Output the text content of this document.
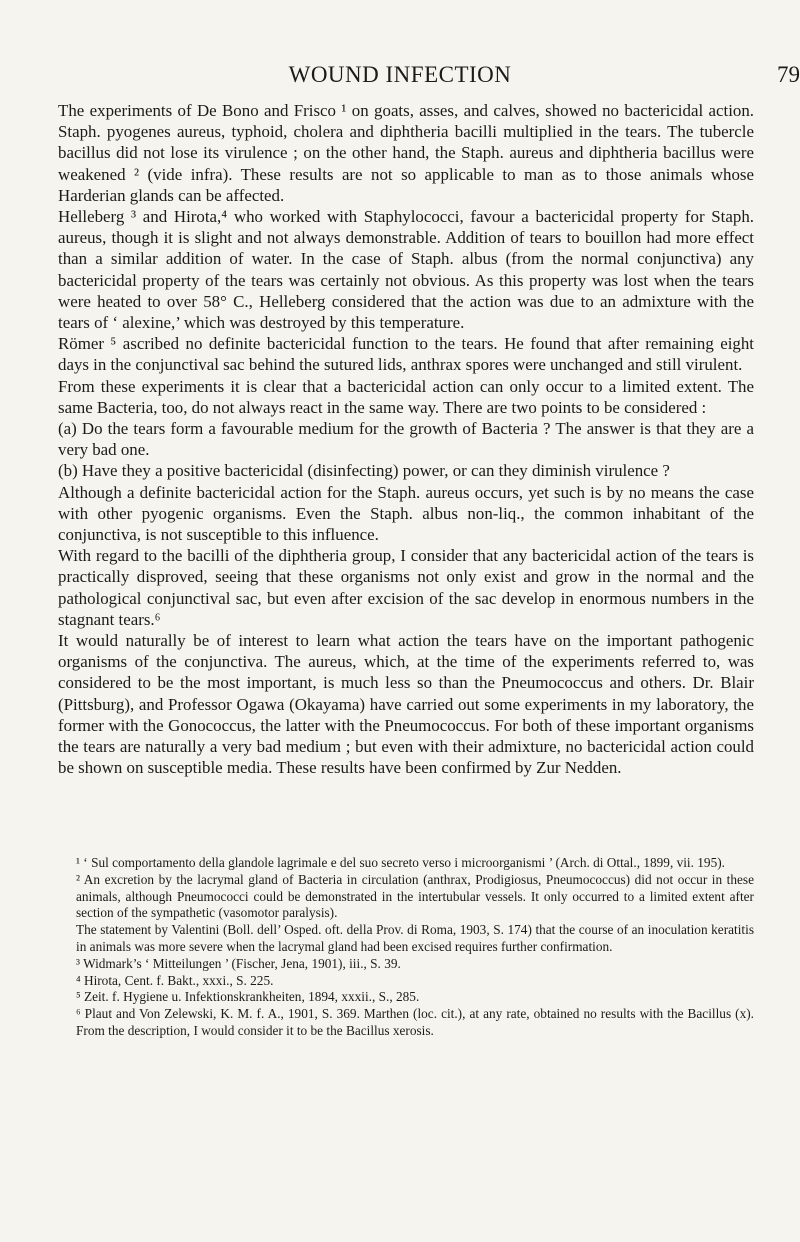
WOUND INFECTION	79

The experiments of De Bono and Frisco ¹ on goats, asses, and calves, showed no bactericidal action. Staph. pyogenes aureus, typhoid, cholera and diphtheria bacilli multiplied in the tears. The tubercle bacillus did not lose its virulence ; on the other hand, the Staph. aureus and diphtheria bacillus were weakened ² (vide infra). These results are not so applicable to man as to those animals whose Harderian glands can be affected.

Helleberg ³ and Hirota,⁴ who worked with Staphylococci, favour a bactericidal property for Staph. aureus, though it is slight and not always demonstrable. Addition of tears to bouillon had more effect than a similar addition of water. In the case of Staph. albus (from the normal conjunctiva) any bactericidal property of the tears was certainly not obvious. As this property was lost when the tears were heated to over 58° C., Helleberg considered that the action was due to an admixture with the tears of ‘ alexine,’ which was destroyed by this temperature.

Römer ⁵ ascribed no definite bactericidal function to the tears. He found that after remaining eight days in the conjunctival sac behind the sutured lids, anthrax spores were unchanged and still virulent.

From these experiments it is clear that a bactericidal action can only occur to a limited extent. The same Bacteria, too, do not always react in the same way. There are two points to be considered :

(a) Do the tears form a favourable medium for the growth of Bacteria ? The answer is that they are a very bad one.

(b) Have they a positive bactericidal (disinfecting) power, or can they diminish virulence ?

Although a definite bactericidal action for the Staph. aureus occurs, yet such is by no means the case with other pyogenic organisms. Even the Staph. albus non-liq., the common inhabitant of the conjunctiva, is not susceptible to this influence.

With regard to the bacilli of the diphtheria group, I consider that any bactericidal action of the tears is practically disproved, seeing that these organisms not only exist and grow in the normal and the pathological conjunctival sac, but even after excision of the sac develop in enormous numbers in the stagnant tears.⁶

It would naturally be of interest to learn what action the tears have on the important pathogenic organisms of the conjunctiva. The aureus, which, at the time of the experiments referred to, was considered to be the most important, is much less so than the Pneumococcus and others. Dr. Blair (Pittsburg), and Professor Ogawa (Okayama) have carried out some experiments in my laboratory, the former with the Gonococcus, the latter with the Pneumococcus. For both of these important organisms the tears are naturally a very bad medium ; but even with their admixture, no bactericidal action could be shown on susceptible media. These results have been confirmed by Zur Nedden.

¹ ‘ Sul comportamento della glandole lagrimale e del suo secreto verso i microorganismi ’ (Arch. di Ottal., 1899, vii. 195).

² An excretion by the lacrymal gland of Bacteria in circulation (anthrax, Prodigiosus, Pneumococcus) did not occur in these animals, although Pneumococci could be demonstrated in the intertubular vessels. It only occurred to a limited extent after section of the sympathetic (vasomotor paralysis).

The statement by Valentini (Boll. dell’ Osped. oft. della Prov. di Roma, 1903, S. 174) that the course of an inoculation keratitis in animals was more severe when the lacrymal gland had been excised requires further confirmation.

³ Widmark’s ‘ Mitteilungen ’ (Fischer, Jena, 1901), iii., S. 39.

⁴ Hirota, Cent. f. Bakt., xxxi., S. 225.

⁵ Zeit. f. Hygiene u. Infektionskrankheiten, 1894, xxxii., S., 285.

⁶ Plaut and Von Zelewski, K. M. f. A., 1901, S. 369. Marthen (loc. cit.), at any rate, obtained no results with the Bacillus (x). From the description, I would consider it to be the Bacillus xerosis.
